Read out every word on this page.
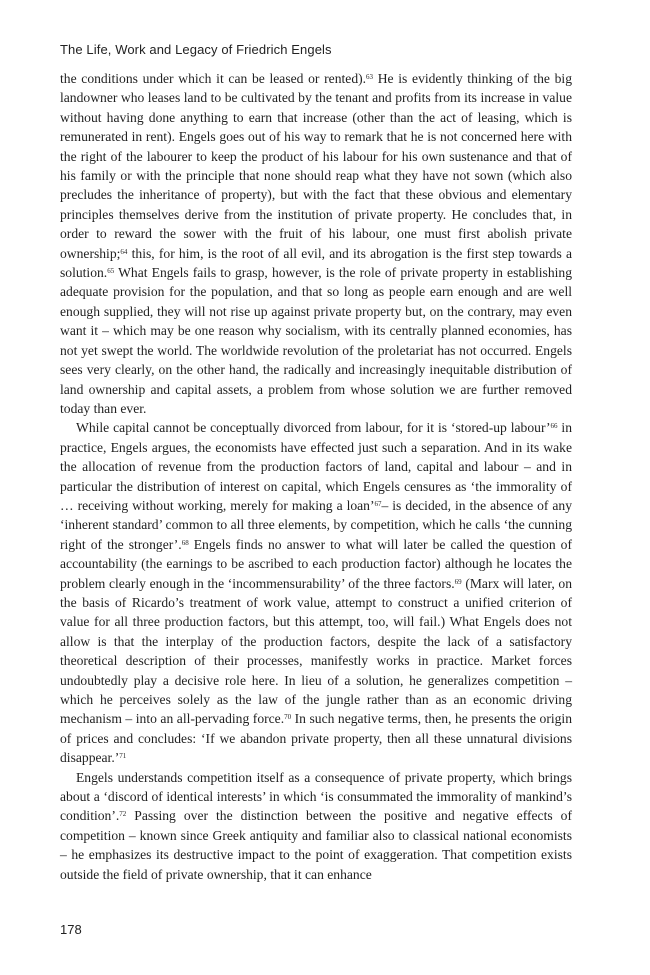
The Life, Work and Legacy of Friedrich Engels

the conditions under which it can be leased or rented).$^{63}$ He is evidently thinking of the big landowner who leases land to be cultivated by the tenant and profits from its increase in value without having done anything to earn that increase (other than the act of leasing, which is remunerated in rent). Engels goes out of his way to remark that he is not concerned here with the right of the labourer to keep the product of his labour for his own sustenance and that of his family or with the principle that none should reap what they have not sown (which also precludes the inheritance of property), but with the fact that these obvious and elementary principles themselves derive from the institution of private property. He concludes that, in order to reward the sower with the fruit of his labour, one must first abolish private ownership;$^{64}$ this, for him, is the root of all evil, and its abrogation is the first step towards a solution.$^{65}$ What Engels fails to grasp, however, is the role of private property in establishing adequate provision for the population, and that so long as people earn enough and are well enough supplied, they will not rise up against private property but, on the contrary, may even want it – which may be one reason why socialism, with its centrally planned economies, has not yet swept the world. The worldwide revolution of the proletariat has not occurred. Engels sees very clearly, on the other hand, the radically and increasingly inequitable distribution of land ownership and capital assets, a problem from whose solution we are further removed today than ever.

While capital cannot be conceptually divorced from labour, for it is ‘stored-up labour’$^{66}$ in practice, Engels argues, the economists have effected just such a separation. And in its wake the allocation of revenue from the production factors of land, capital and labour – and in particular the distribution of interest on capital, which Engels censures as ‘the immorality of … receiving without working, merely for making a loan’$^{67}$– is decided, in the absence of any ‘inherent standard’ common to all three elements, by competition, which he calls ‘the cunning right of the stronger’.$^{68}$ Engels finds no answer to what will later be called the question of accountability (the earnings to be ascribed to each production factor) although he locates the problem clearly enough in the ‘incommensurability’ of the three factors.$^{69}$ (Marx will later, on the basis of Ricardo’s treatment of work value, attempt to construct a unified criterion of value for all three production factors, but this attempt, too, will fail.) What Engels does not allow is that the interplay of the production factors, despite the lack of a satisfactory theoretical description of their processes, manifestly works in practice. Market forces undoubtedly play a decisive role here. In lieu of a solution, he generalizes competition – which he perceives solely as the law of the jungle rather than as an economic driving mechanism – into an all-pervading force.$^{70}$ In such negative terms, then, he presents the origin of prices and concludes: ‘If we abandon private property, then all these unnatural divisions disappear.’$^{71}$

Engels understands competition itself as a consequence of private property, which brings about a ‘discord of identical interests’ in which ‘is consummated the immorality of mankind’s condition’.$^{72}$ Passing over the distinction between the positive and negative effects of competition – known since Greek antiquity and familiar also to classical national economists – he emphasizes its destructive impact to the point of exaggeration. That competition exists outside the field of private ownership, that it can enhance

178
